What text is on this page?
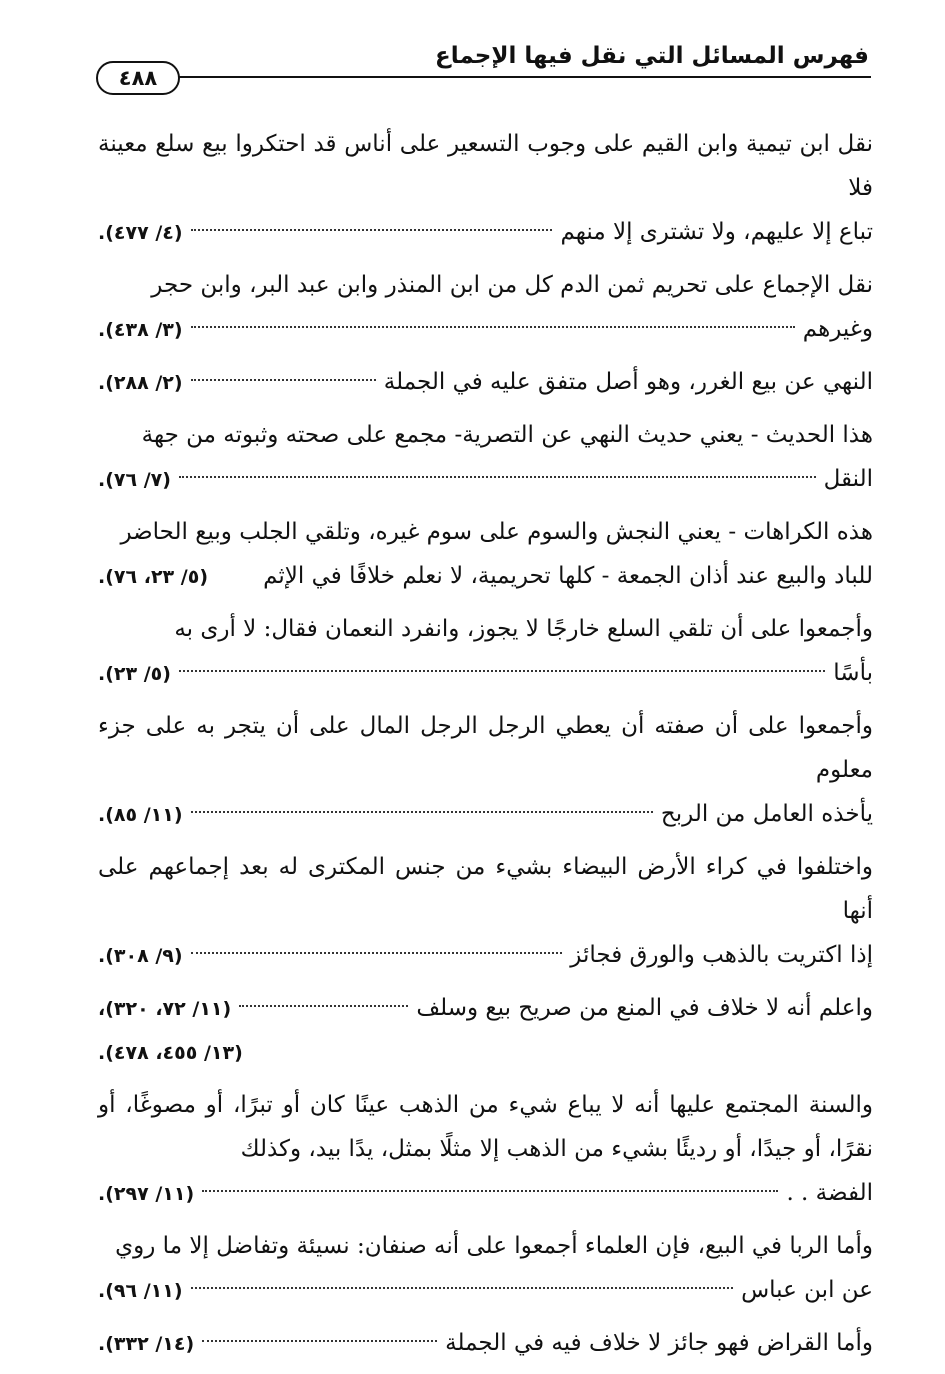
فهرس المسائل التي نقل فيها الإجماع
٤٨٨
نقل ابن تيمية وابن القيم على وجوب التسعير على أناس قد احتكروا بيع سلع معينة فلا
تباع إلا عليهم، ولا تشترى إلا منهم
(٤/ ٤٧٧).
نقل الإجماع على تحريم ثمن الدم كل من ابن المنذر وابن عبد البر، وابن حجر
وغيرهم
(٣/ ٤٣٨).
النهي عن بيع الغرر، وهو أصل متفق عليه في الجملة
(٢/ ٢٨٨).
هذا الحديث - يعني حديث النهي عن التصرية- مجمع على صحته وثبوته من جهة
النقل
(٧/ ٧٦).
هذه الكراهات - يعني النجش والسوم على سوم غيره، وتلقي الجلب وبيع الحاضر
للباد والبيع عند أذان الجمعة - كلها تحريمية، لا نعلم خلافًا في الإثم
(٥/ ٢٣، ٧٦).
وأجمعوا على أن تلقي السلع خارجًا لا يجوز، وانفرد النعمان فقال: لا أرى به
بأسًا
(٥/ ٢٣).
وأجمعوا على أن صفته أن يعطي الرجل الرجل المال على أن يتجر به على جزء معلوم
يأخذه العامل من الربح
(١١/ ٨٥).
واختلفوا في كراء الأرض البيضاء بشيء من جنس المكترى له بعد إجماعهم على أنها
إذا اكتريت بالذهب والورق فجائز
(٩/ ٣٠٨).
واعلم أنه لا خلاف في المنع من صريح بيع وسلف
(١١/ ٧٢، ٣٢٠)،
(١٣/ ٤٥٥، ٤٧٨).
والسنة المجتمع عليها أنه لا يباع شيء من الذهب عينًا كان أو تبرًا، أو مصوغًا، أو نقرًا، أو جيدًا، أو رديئًا بشيء من الذهب إلا مثلًا بمثل، يدًا بيد، وكذلك
الفضة . .
(١١/ ٢٩٧).
وأما الربا في البيع، فإن العلماء أجمعوا على أنه صنفان: نسيئة وتفاضل إلا ما روي
عن ابن عباس
(١١/ ٩٦).
وأما القراض فهو جائز لا خلاف فيه في الجملة
(١٤/ ٣٣٢).
